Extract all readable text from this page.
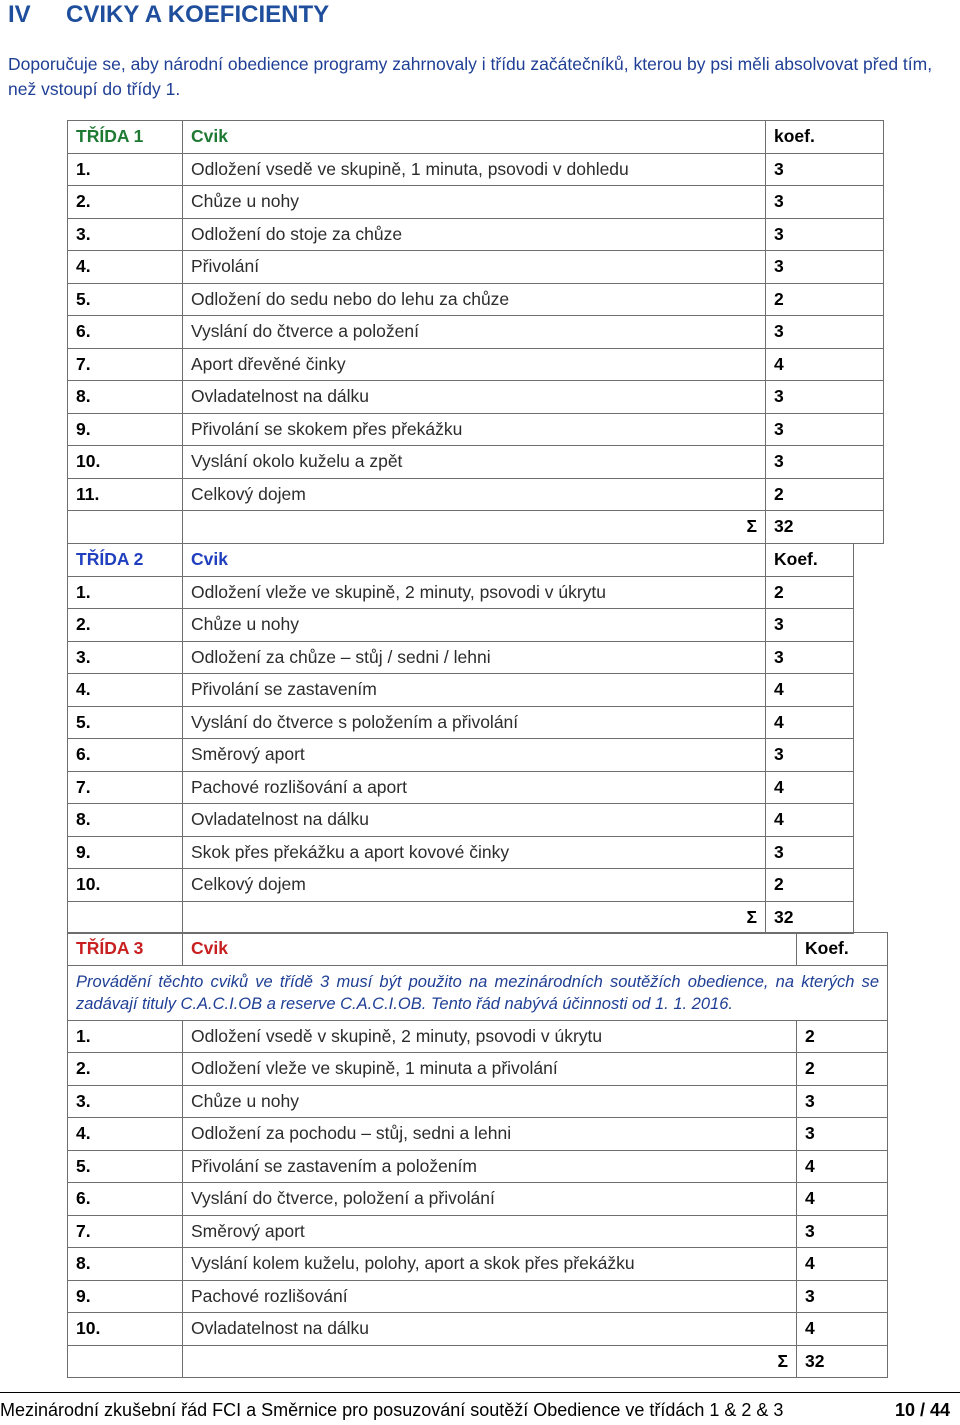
IV CVIKY A KOEFICIENTY
Doporučuje se, aby národní obedience programy zahrnovaly i třídu začátečníků, kterou by psi měli absolvovat před tím, než vstoupí do třídy 1.
TŘÍDA 1	Cvik	koef.
1.	Odložení vsedě ve skupině, 1 minuta, psovodi v dohledu	3
2.	Chůze u nohy	3
3.	Odložení do stoje za chůze	3
4.	Přivolání	3
5.	Odložení do sedu nebo do lehu za chůze	2
6.	Vyslání do čtverce a položení	3
7.	Aport dřevěné činky	4
8.	Ovladatelnost na dálku	3
9.	Přivolání se skokem přes překážku	3
10.	Vyslání okolo kuželu a zpět	3
11.	Celkový dojem	2
	Σ	32
TŘÍDA 2	Cvik	Koef.
1.	Odložení vleže ve skupině, 2 minuty, psovodi v úkrytu	2
2.	Chůze u nohy	3
3.	Odložení za chůze – stůj / sedni / lehni	3
4.	Přivolání se zastavením	4
5.	Vyslání do čtverce s položením a přivolání	4
6.	Směrový aport	3
7.	Pachové rozlišování a aport	4
8.	Ovladatelnost na dálku	4
9.	Skok přes překážku a aport kovové činky	3
10.	Celkový dojem	2
	Σ	32
TŘÍDA 3	Cvik	Koef.
Provádění těchto cviků ve třídě 3 musí být použito na mezinárodních soutěžích obedience, na kterých se zadávají tituly C.A.C.I.OB a reserve C.A.C.I.OB. Tento řád nabývá účinnosti od 1. 1. 2016.		
1.	Odložení vsedě v skupině, 2 minuty, psovodi v úkrytu	2
2.	Odložení vleže ve skupině, 1 minuta a přivolání	2
3.	Chůze u nohy	3
4.	Odložení za pochodu – stůj, sedni a lehni	3
5.	Přivolání se zastavením a položením	4
6.	Vyslání do čtverce, položení a přivolání	4
7.	Směrový aport	3
8.	Vyslání kolem kuželu, polohy, aport a skok přes překážku	4
9.	Pachové rozlišování	3
10.	Ovladatelnost na dálku	4
	Σ	32
Mezinárodní zkušební řád FCI a Směrnice pro posuzování soutěží Obedience ve třídách 1 & 2 & 3	10 / 44
